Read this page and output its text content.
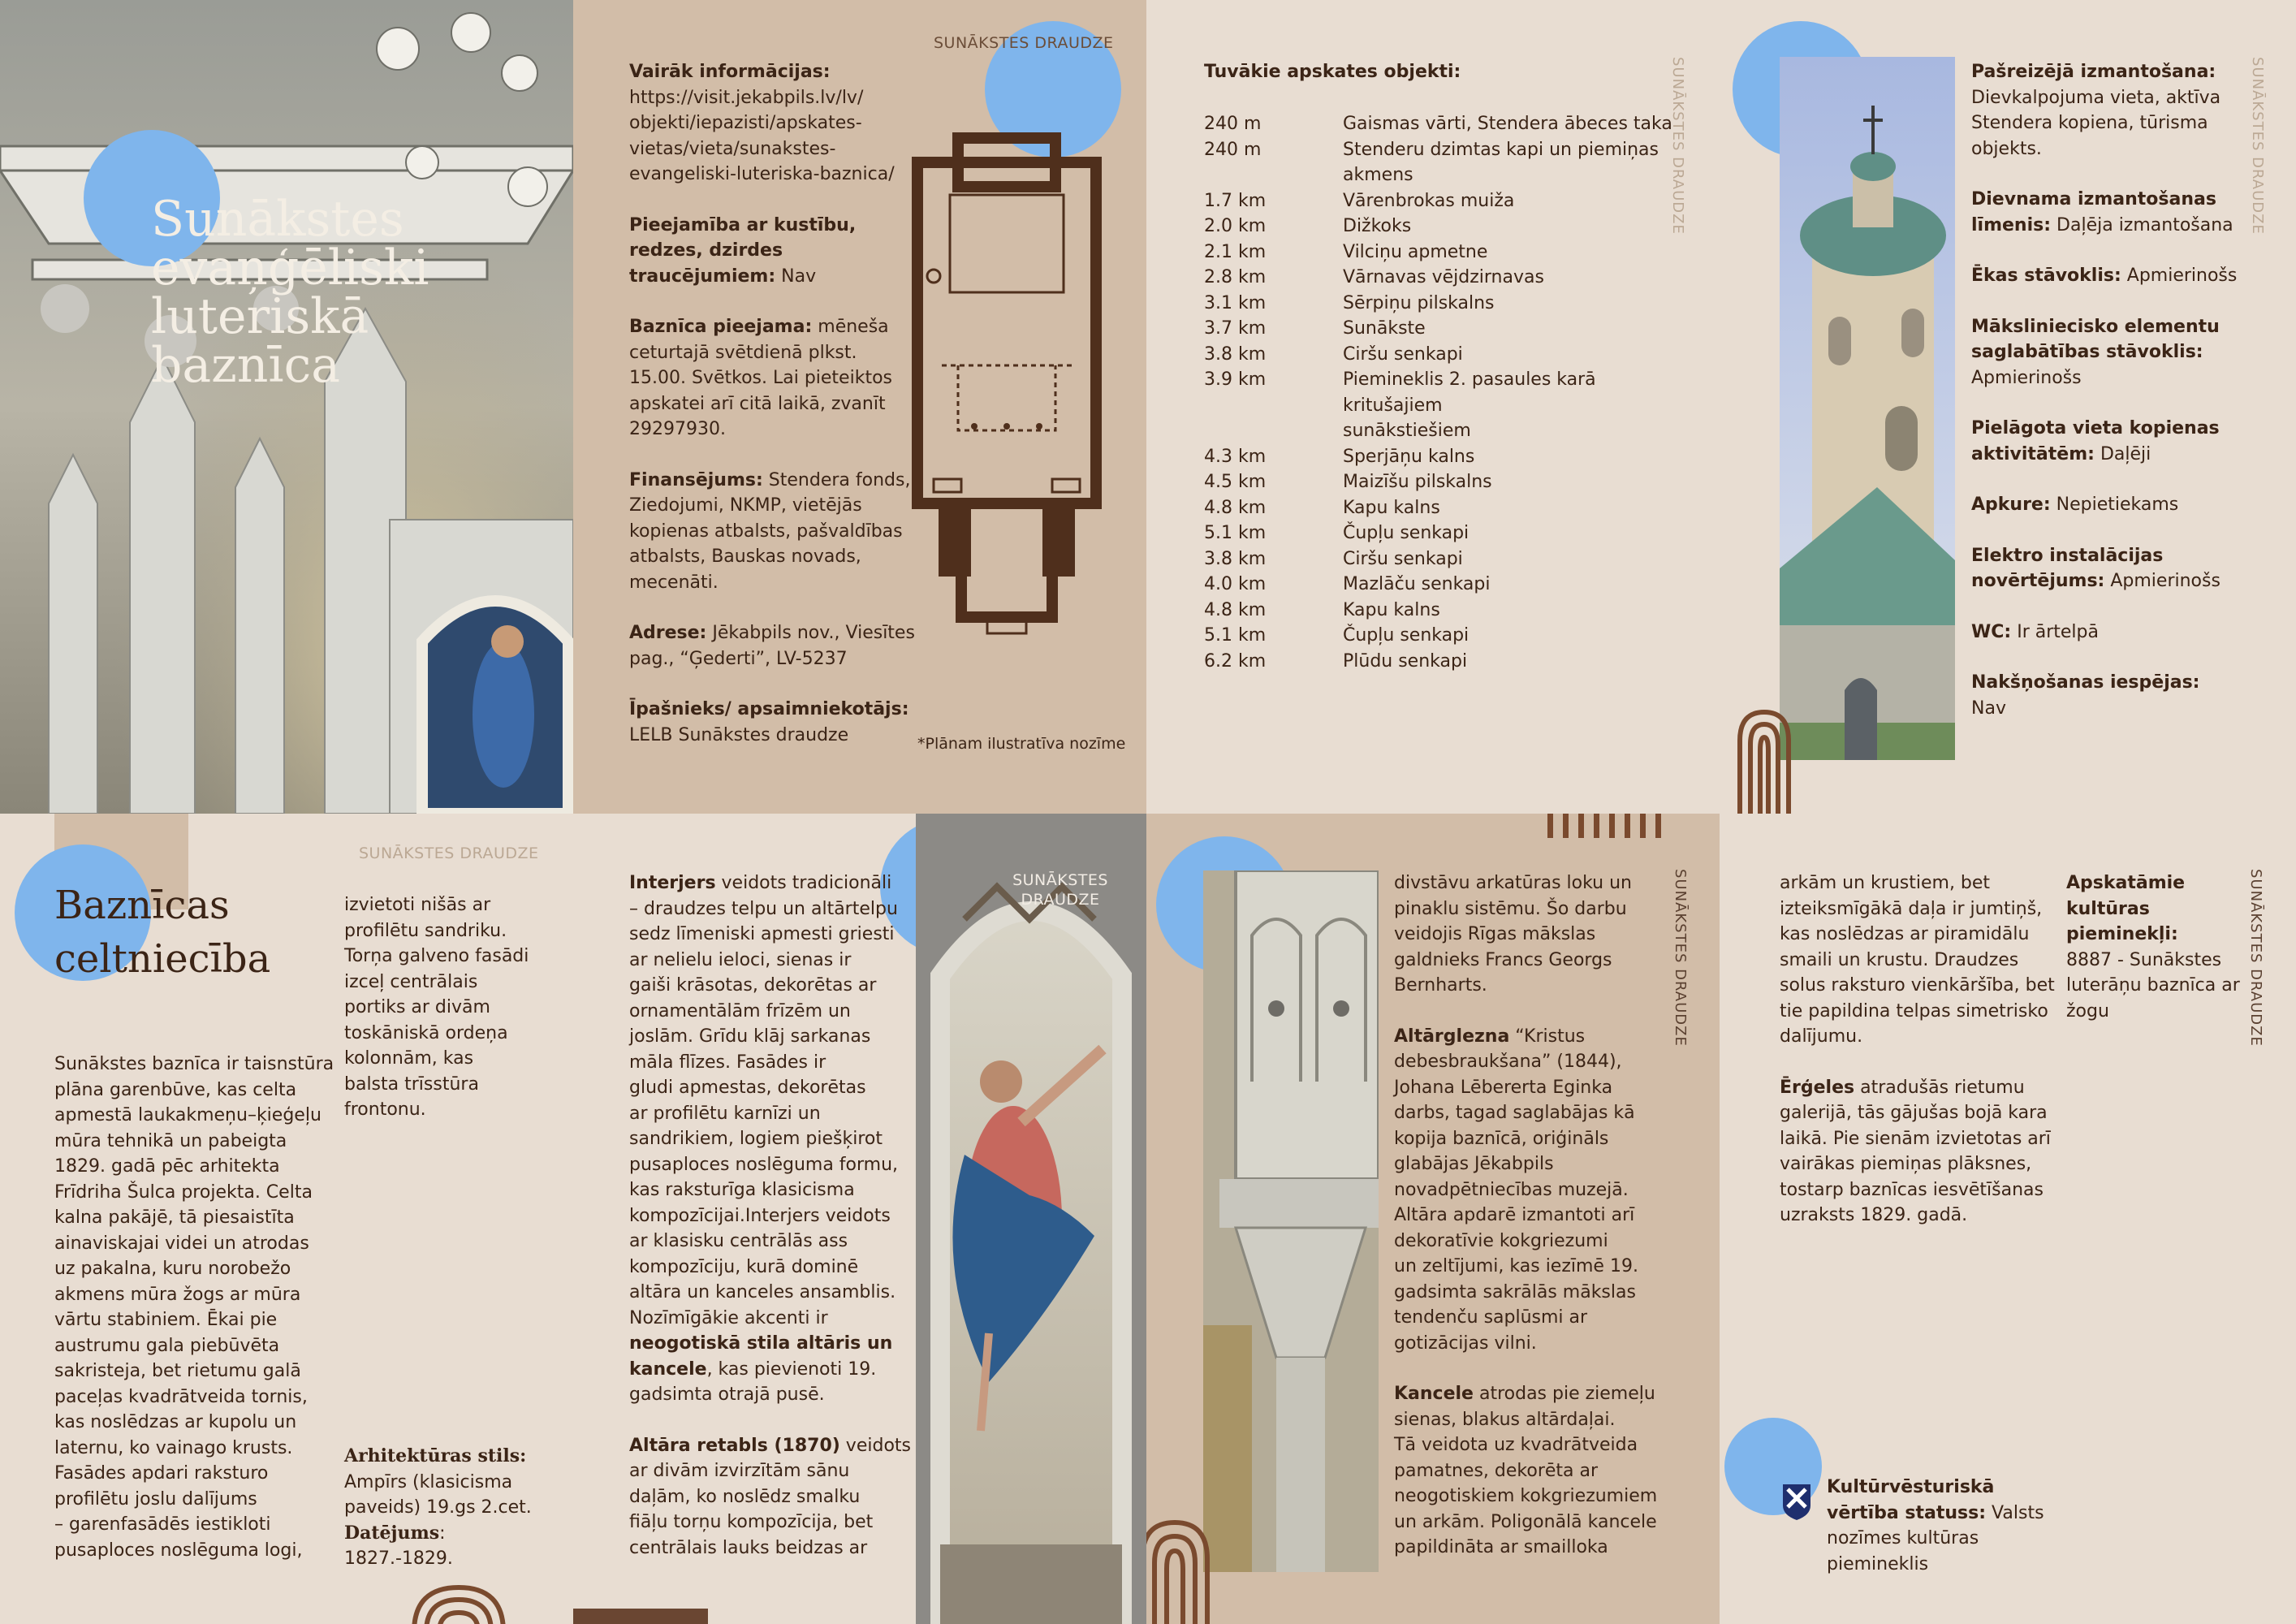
Sunākstes
evaņģēliski
luteriskā
baznīca
SUNĀKSTES DRAUDZE
Vairāk informācijas:
https://visit.jekabpils.lv/lv/
objekti/iepazisti/apskates-
vietas/vieta/sunakstes-
evangeliski-luteriska-baznica/
Pieejamība ar kustību,
redzes, dzirdes
traucējumiem: Nav
Baznīca pieejama: mēneša
ceturtajā svētdienā plkst.
15.00. Svētkos. Lai pieteiktos
apskatei arī citā laikā, zvanīt
29297930.
Finansējums: Stendera fonds,
Ziedojumi, NKMP, vietējās
kopienas atbalsts, pašvaldības
atbalsts, Bauskas novads,
mecenāti.
Adrese: Jēkabpils nov., Viesītes
pag., “Ģederti”, LV-5237
Īpašnieks/ apsaimniekotājs:
LELB Sunākstes draudze	*Plānam ilustratīva nozīme
Tuvākie apskates objekti:
240 m	Gaismas vārti, Stendera ābeces taka
240 m	Stenderu dzimtas kapi un piemiņas
akmens
1.7 km	Vārenbrokas muiža
2.0 km	Dižkoks
2.1 km	Vilciņu apmetne
2.8 km	Vārnavas vējdzirnavas
3.1 km	Sērpiņu pilskalns
3.7 km	Sunākste
3.8 km	Ciršu senkapi
3.9 km	Piemineklis 2. pasaules karā kritušajiem
sunākstiešiem
4.3 km	Sperjāņu kalns
4.5 km	Maizīšu pilskalns
4.8 km	Kapu kalns
5.1 km	Čupļu senkapi
3.8 km	Ciršu senkapi
4.0 km	Mazlāču senkapi
4.8 km	Kapu kalns
5.1 km	Čupļu senkapi
6.2 km	Plūdu senkapi
SUNĀKSTES DRAUDZE	Pašreizējā izmantošana:
Dievkalpojuma vieta, aktīva
Stendera kopiena, tūrisma
objekts.
Dievnama izmantošanas
līmenis: Daļēja izmantošana
Ēkas stāvoklis: Apmierinošs
Mākslinieciskо elementu
saglabātības stāvoklis:
Apmierinošs
Pielāgota vieta kopienas
aktivitātēm: Daļēji
Apkure: Nepietiekams
Elektro instalācijas
novērtējums: Apmierinošs
WC: Ir ārtelpā
Nakšņošanas iespējas: Nav
SUNĀKSTES DRAUDZE
SUNĀKSTES DRAUDZE
Baznīcas
celtniecība
Sunākstes baznīca ir taisnstūra
plāna garenbūve, kas celta
apmestā laukakmeņu–ķieģeļu
mūra tehnikā un pabeigta
1829. gadā pēc arhitekta
Frīdriha Šulca projekta. Celta
kalna pakājē, tā piesaistīta
ainaviskajai videi un atrodas
uz pakalna, kuru norobežo
akmens mūra žogs ar mūra
vārtu stabiniem. Ēkai pie
austrumu gala piebūvēta
sakristeja, bet rietumu galā
paceļas kvadrātveida tornis,
kas noslēdzas ar kupolu un
laternu, ko vainago krusts.
Fasādes apdari raksturo
profilētu joslu dalījums
– garenfasādēs iestikloti
pusaploces noslēguma logi,
izvietoti nišās ar
profilētu sandriku.
Torņa galveno fasādi
izceļ centrālais
portiks ar divām
toskāniskā ordeņa
kolonnām, kas
balsta trīsstūra
frontonu.
Arhitektūras stils:
Ampīrs (klasicisma
paveids) 19.gs 2.cet.
Datējums:
1827.-1829.
Interjers veidots tradicionāli
– draudzes telpu un altārtelpu
sedz līmeniski apmesti griesti
ar nelielu ieloci, sienas ir
gaiši krāsotas, dekorētas ar
ornamentālām frīzēm un
joslām. Grīdu klāj sarkanas
māla flīzes. Fasādes ir
gludi apmestas, dekorētas
ar profilētu karnīzi un
sandrikiem, logiem piešķirot
pusaploces noslēguma formu,
kas raksturīga klasicisma
kompozīcijai.Interjers veidots
ar klasisku centrālās ass
kompozīciju, kurā dominē
altāra un kanceles ansamblis.
Nozīmīgākie akcenti ir
neogotiskā stila altāris un
kancele, kas pievienoti 19.
gadsimta otrajā pusē.
Altāra retabls (1870) veidots
ar divām izvirzītām sānu
daļām, ko noslēdz smalku
fiāļu torņu kompozīcija, bet
centrālais lauks beidzas ar
SUNĀKSTES DRAUDZE
divstāvu arkatūras loku un
pinaklu sistēmu. Šo darbu
veidojis Rīgas mākslas
galdnieks Francs Georgs
Bernharts.
Altārglezna “Kristus
debesbraukšana” (1844),
Johana Lēbererta Eginka
darbs, tagad saglabājas kā
kopija baznīcā, oriģināls
glabājas Jēkabpils
novadpētniecības muzejā.
Altāra apdarē izmantoti arī
dekoratīvie kokgriezumi
un zeltījumi, kas iezīmē 19.
gadsimta sakrālās mākslas
tendenču saplūsmi ar
gotizācijas vilni.
Kancele atrodas pie ziemeļu
sienas, blakus altārdaļai.
Tā veidota uz kvadrātveida
pamatnes, dekorēta ar
neogotiskiem kokgriezumiem
un arkām. Poligonālā kancele
papildināta ar smailloka
SUNĀKSTES DRAUDZE	arkām un krustiem, bet
izteiksmīgākā daļa ir jumtiņš,
kas noslēdzas ar piramidālu
smaili un krustu. Draudzes
solus raksturo vienkāršība, bet
tie papildina telpas simetrisko
dalījumu.
Ērģeles atradušās rietumu
galerijā, tās gājušas bojā kara
laikā. Pie sienām izvietotas arī
vairākas piemiņas plāksnes,
tostarp baznīcas iesvētīšanas
uzraksts 1829. gadā.
Apskatāmie
kultūras
pieminekļi:
8887 - Sunākstes
luterāņu baznīca ar
žogu	SUNĀKSTES DRAUDZE
Kultūrvēsturiskā
vērtība statuss: Valsts
nozīmes kultūras
piemineklis
